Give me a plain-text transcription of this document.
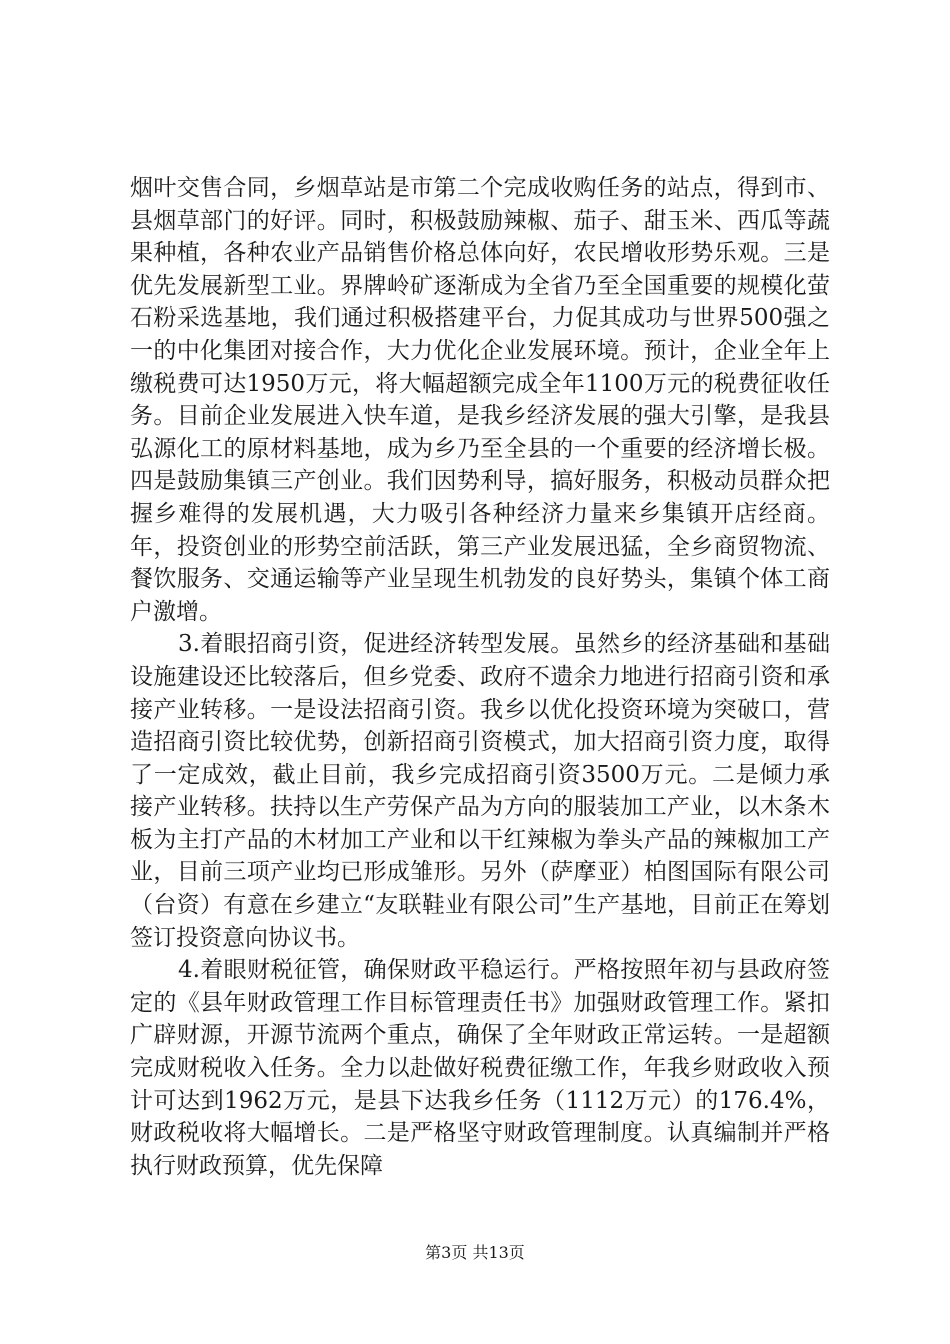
烟叶交售合同，乡烟草站是市第二个完成收购任务的站点，得到市、县烟草部门的好评。同时，积极鼓励辣椒、茄子、甜玉米、西瓜等蔬果种植，各种农业产品销售价格总体向好，农民增收形势乐观。三是优先发展新型工业。界牌岭矿逐渐成为全省乃至全国重要的规模化萤石粉采选基地，我们通过积极搭建平台，力促其成功与世界500强之一的中化集团对接合作，大力优化企业发展环境。预计，企业全年上缴税费可达1950万元，将大幅超额完成全年1100万元的税费征收任务。目前企业发展进入快车道，是我乡经济发展的强大引擎，是我县弘源化工的原材料基地，成为乡乃至全县的一个重要的经济增长极。四是鼓励集镇三产创业。我们因势利导，搞好服务，积极动员群众把握乡难得的发展机遇，大力吸引各种经济力量来乡集镇开店经商。年，投资创业的形势空前活跃，第三产业发展迅猛，全乡商贸物流、餐饮服务、交通运输等产业呈现生机勃发的良好势头，集镇个体工商户激增。

3.着眼招商引资，促进经济转型发展。虽然乡的经济基础和基础设施建设还比较落后，但乡党委、政府不遗余力地进行招商引资和承接产业转移。一是设法招商引资。我乡以优化投资环境为突破口，营造招商引资比较优势，创新招商引资模式，加大招商引资力度，取得了一定成效，截止目前，我乡完成招商引资3500万元。二是倾力承接产业转移。扶持以生产劳保产品为方向的服装加工产业，以木条木板为主打产品的木材加工产业和以干红辣椒为拳头产品的辣椒加工产业，目前三项产业均已形成雏形。另外（萨摩亚）柏图国际有限公司（台资）有意在乡建立“友联鞋业有限公司”生产基地，目前正在筹划签订投资意向协议书。

4.着眼财税征管，确保财政平稳运行。严格按照年初与县政府签定的《县年财政管理工作目标管理责任书》加强财政管理工作。紧扣广辟财源，开源节流两个重点，确保了全年财政正常运转。一是超额完成财税收入任务。全力以赴做好税费征缴工作，年我乡财政收入预计可达到1962万元，是县下达我乡任务（1112万元）的176.4%，财政税收将大幅增长。二是严格坚守财政管理制度。认真编制并严格执行财政预算，优先保障

第3页 共13页
